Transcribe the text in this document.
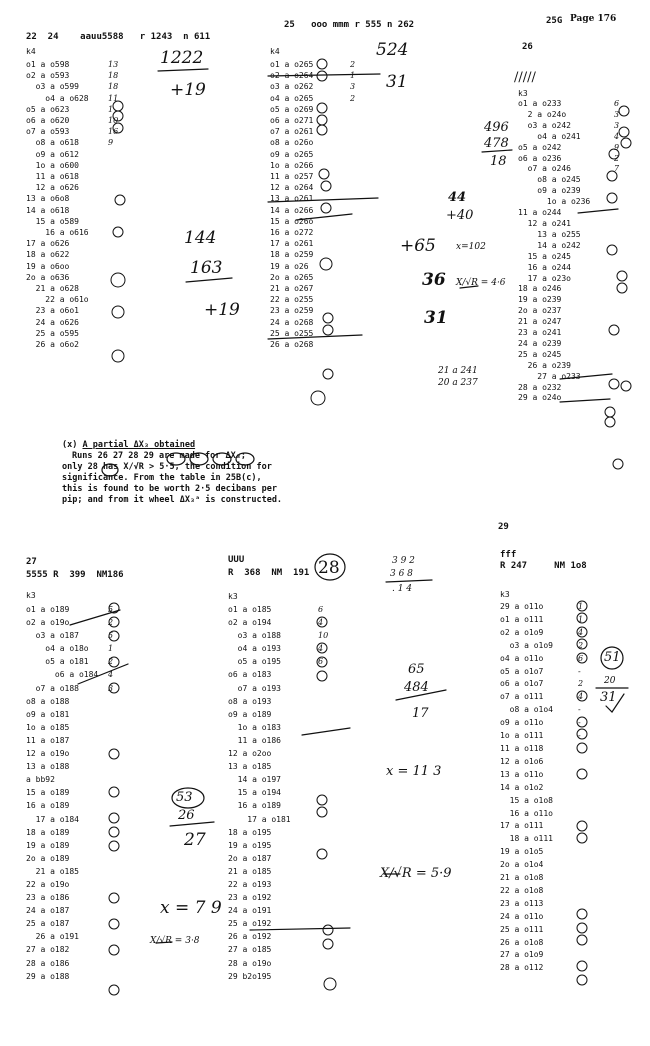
25G Page 176
22  24    aauu5588   r 1243  n 611
k4
o1 a o598
o2 a o593
o3 a o599
o4 a o628
o5 a o623
o6 a o620
o7 a o593
o8 a o618
o9 a o612
1o a o600
11 a o618
12 a o626
13 a o6o8
14 a o618
15 a o589
16 a o616
17 a o626
18 a o622
19 a o6oo
2o a o636
21 a o628
22 a o61o
23 a o6o1
24 a o626
25 a o595
26 a o6o2
13
18
18
11
1
10
16
9
25   ooo mmm r 555 n 262
k4
o1 a o265
o2 a o264
o3 a o262
o4 a o265
o5 a o269
o6 a o271
o7 a o261
o8 a o26o
o9 a o265
1o a o266
11 a o257
12 a o264
13 a o261
14 a o266
15 a o26o
16 a o272
17 a o261
18 a o259
19 a o26
2o a o265
21 a o267
22 a o255
23 a o259
24 a o268
25 a o255
26 a o268
2
1
3
2
26
/////
k3
o1 a o233
2 a o24o
o3 a o242
o4 a o241
o5 a o242
o6 a o236
o7 a o246
o8 a o245
o9 a o239
1o a o236
11 a o244
12 a o241
13 a o255
14 a o242
15 a o245
16 a o244
17 a o23o
18 a o246
19 a o239
2o a o237
21 a o247
23 a o241
24 a o239
25 a o245
26 a o239
27 a o233
28 a o232
29 a o24o
6
3
3
4
9
2
7
(x) A partial ΔX₃ obtained
Runs 26 27 28 29 are made for ΔX₃;
only 28 has X/√R > 5·5, the condition for
significance. From the table in 25B(c),
this is found to be worth 2·5 decibans per
pip; and from it wheel ΔX₃ᵃ is constructed.
27
5555 R  399  NM186
k3
o1 a o189
o2 a o19o
o3 a o187
o4 a o18o
o5 a o181
o6 a o184
o7 a o188
o8 a o188
o9 a o181
1o a o185
11 a o187
12 a o19o
13 a o188
a bb92
15 a o189
16 a o189
17 a o184
18 a o189
19 a o189
2o a o189
21 a o185
22 a o19o
23 a o186
24 a o187
25 a o187
26 a o191
27 a o182
28 a o186
29 a o188
5
2
5
1
2
4
3
UUU
R  368  NM  191 28
k3
o1 a o185
o2 a o194
o3 a o188
o4 a o193
o5 a o195
o6 a o183
o7 a o193
o8 a o193
o9 a o189
1o a o183
11 a o186
12 a o2oo
13 a o185
14 a o197
15 a o194
16 a o189
17 a o181
18 a o195
19 a o195
2o a o187
21 a o185
22 a o193
23 a o192
24 a o191
25 a o192
26 a o192
27 a o185
28 a o19o
29 b2o195
6
4
10
4
6
29
fff
R 247     NM 1o8
k3
29 a o11o
o1 a o111
o2 a o1o9
o3 a o1o9
o4 a o11o
o5 a o1o7
o6 a o1o7
o7 a o111
o8 a o1o4
o9 a o11o
1o a o111
11 a o118
12 a o1o6
13 a o11o
14 a o1o2
15 a o1o8
16 a o11o
17 a o111
18 a o111
19 a o1o5
2o a o1o4
21 a o1o8
22 a o1o8
23 a o113
24 a o11o
25 a o111
26 a o1o8
27 a o1o9
28 a o112
1
1
4
2
6
-
2
4
-
-
-
1222
+19
524
31
144
163
+19
496
478
18
44
+40
+65 x=102
36 X/√R = 4·6
31
21 a 241
20 a 237
3 9 2
3 6 8
. 1 4
65
484
17
x = 11 3
X/√R = 5·9
53
26
27
x = 7 9
X/√R = 3·8
51
20
31
